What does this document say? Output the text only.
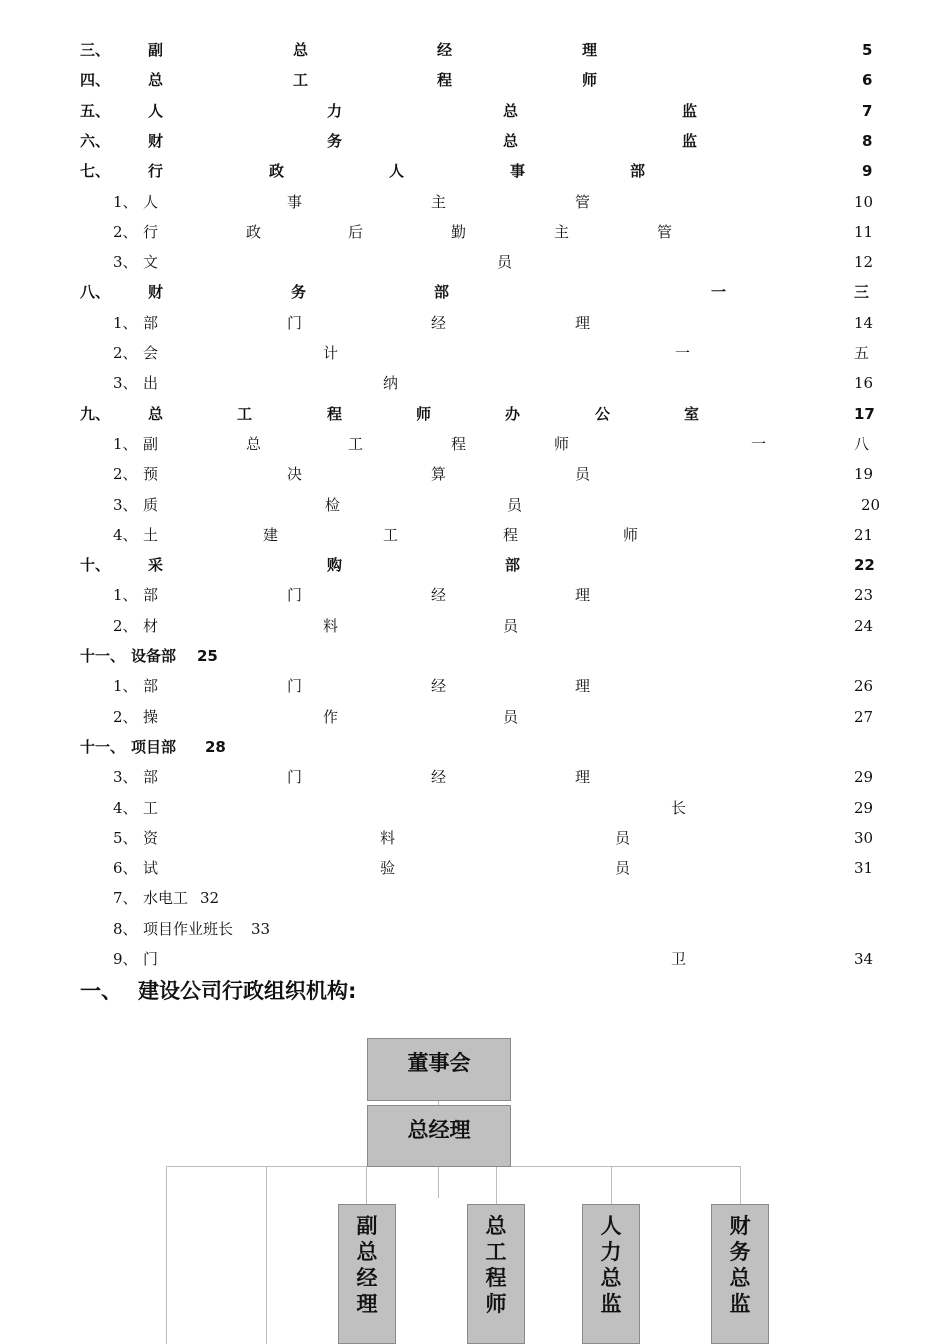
三、	副	总	经	理	5
四、	总	工	程	师	6
五、	人	力	总	监	7
六、	财	务	总	监	8
七、	行	政	人	事	部	9
1、 人	事	主	管	10
2、 行	政	后	勤	主	管	11
3、 文	员	12
八、	财	务	部	一	三
1、 部	门	经	理	14
2、 会	计	一	五
3、 出	纳	16
九、	总	工	程	师	办	公	室	17
1、 副	总	工	程	师	一	八
2、 预	决	算	员	19
3、 质	检	员	20
4、 土	建	工	程	师	21
十、	采	购	部	22
1、 部	门	经	理	23
2、 材	料	员	24
十一、 设备部 25
1、 部	门	经	理	26
2、 操	作	员	27
十一、 项目部 28
3、 部	门	经	理	29
4、 工	长	29
5、 资	料	员	30
6、 试	验	员	31
7、 水电工 32
8、 项目作业班长 33
9、 门	卫	34
一、 建设公司行政组织机构:
董事会
总经理
副
总
经
理
总
工
程
师
人
力
总
监
财
务
总
监
